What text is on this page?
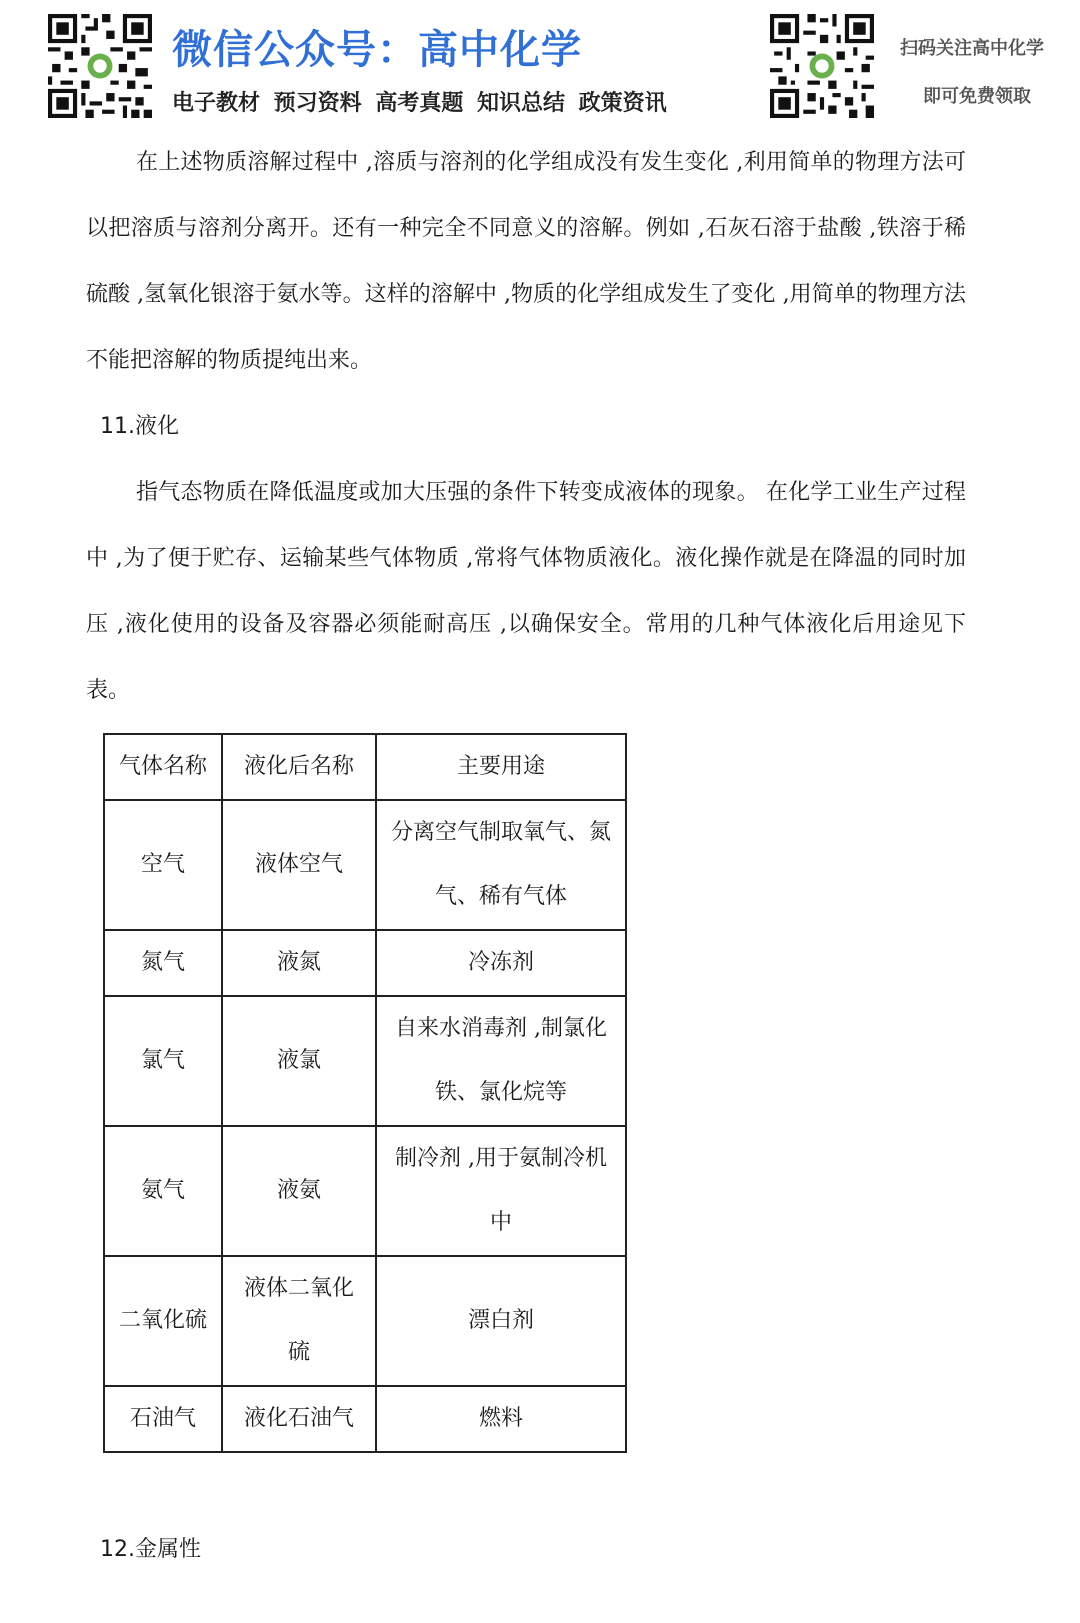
微信公众号：高中化学
电子教材 预习资料 高考真题 知识总结 政策资讯
扫码关注高中化学
即可免费领取

在上述物质溶解过程中 ,溶质与溶剂的化学组成没有发生变化 ,利用简单的物理方法可以把溶质与溶剂分离开。还有一种完全不同意义的溶解。例如 ,石灰石溶于盐酸 ,铁溶于稀硫酸 ,氢氧化银溶于氨水等。这样的溶解中 ,物质的化学组成发生了变化 ,用简单的物理方法不能把溶解的物质提纯出来。

11.液化

指气态物质在降低温度或加大压强的条件下转变成液体的现象。 在化学工业生产过程中 ,为了便于贮存、运输某些气体物质 ,常将气体物质液化。液化操作就是在降温的同时加压 ,液化使用的设备及容器必须能耐高压 ,以确保安全。常用的几种气体液化后用途见下表。

气体名称	液化后名称	主要用途
空气	液体空气	分离空气制取氧气、氮气、稀有气体
氮气	液氮	冷冻剂
氯气	液氯	自来水消毒剂 ,制氯化铁、氯化烷等
氨气	液氨	制冷剂 ,用于氨制冷机中
二氧化硫	液体二氧化硫	漂白剂
石油气	液化石油气	燃料
12.金属性
